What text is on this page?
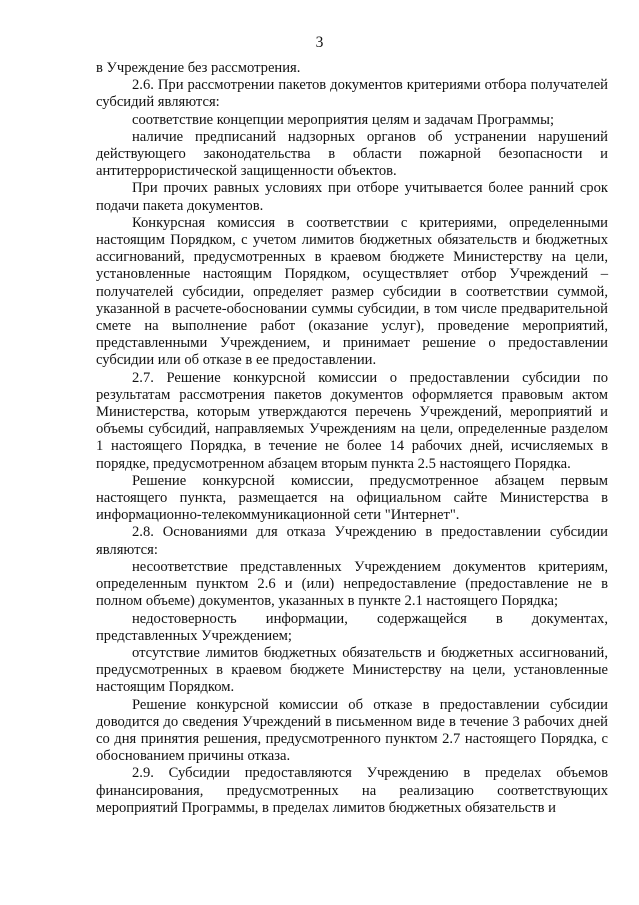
3

в Учреждение без рассмотрения.

2.6. При рассмотрении пакетов документов критериями отбора получателей субсидий являются:

соответствие концепции мероприятия целям и задачам Программы;

наличие предписаний надзорных органов об устранении нарушений действующего законодательства в области пожарной безопасности и антитеррористической защищенности объектов.

При прочих равных условиях при отборе учитывается более ранний срок подачи пакета документов.

Конкурсная комиссия в соответствии с критериями, определенными настоящим Порядком, с учетом лимитов бюджетных обязательств и бюджетных ассигнований, предусмотренных в краевом бюджете Министерству на цели, установленные настоящим Порядком, осуществляет отбор Учреждений – получателей субсидии, определяет размер субсидии в соответствии суммой, указанной в расчете-обосновании суммы субсидии, в том числе предварительной смете на выполнение работ (оказание услуг), проведение мероприятий, представленными Учреждением, и принимает решение о предоставлении субсидии или об отказе в ее предоставлении.

2.7. Решение конкурсной комиссии о предоставлении субсидии по результатам рассмотрения пакетов документов оформляется правовым актом Министерства, которым утверждаются перечень Учреждений, мероприятий и объемы субсидий, направляемых Учреждениям на цели, определенные разделом 1 настоящего Порядка, в течение не более 14 рабочих дней, исчисляемых в порядке, предусмотренном абзацем вторым пункта 2.5 настоящего Порядка.

Решение конкурсной комиссии, предусмотренное абзацем первым настоящего пункта, размещается на официальном сайте Министерства в информационно-телекоммуникационной сети "Интернет".

2.8. Основаниями для отказа Учреждению в предоставлении субсидии являются:

несоответствие представленных Учреждением документов критериям, определенным пунктом 2.6 и (или) непредоставление (предоставление не в полном объеме) документов, указанных в пункте 2.1 настоящего Порядка;

недостоверность информации, содержащейся в документах, представленных Учреждением;

отсутствие лимитов бюджетных обязательств и бюджетных ассигнований, предусмотренных в краевом бюджете Министерству на цели, установленные настоящим Порядком.

Решение конкурсной комиссии об отказе в предоставлении субсидии доводится до сведения Учреждений в письменном виде в течение 3 рабочих дней со дня принятия решения, предусмотренного пунктом 2.7 настоящего Порядка, с обоснованием причины отказа.

2.9. Субсидии предоставляются Учреждению в пределах объемов финансирования, предусмотренных на реализацию соответствующих мероприятий Программы, в пределах лимитов бюджетных обязательств и
